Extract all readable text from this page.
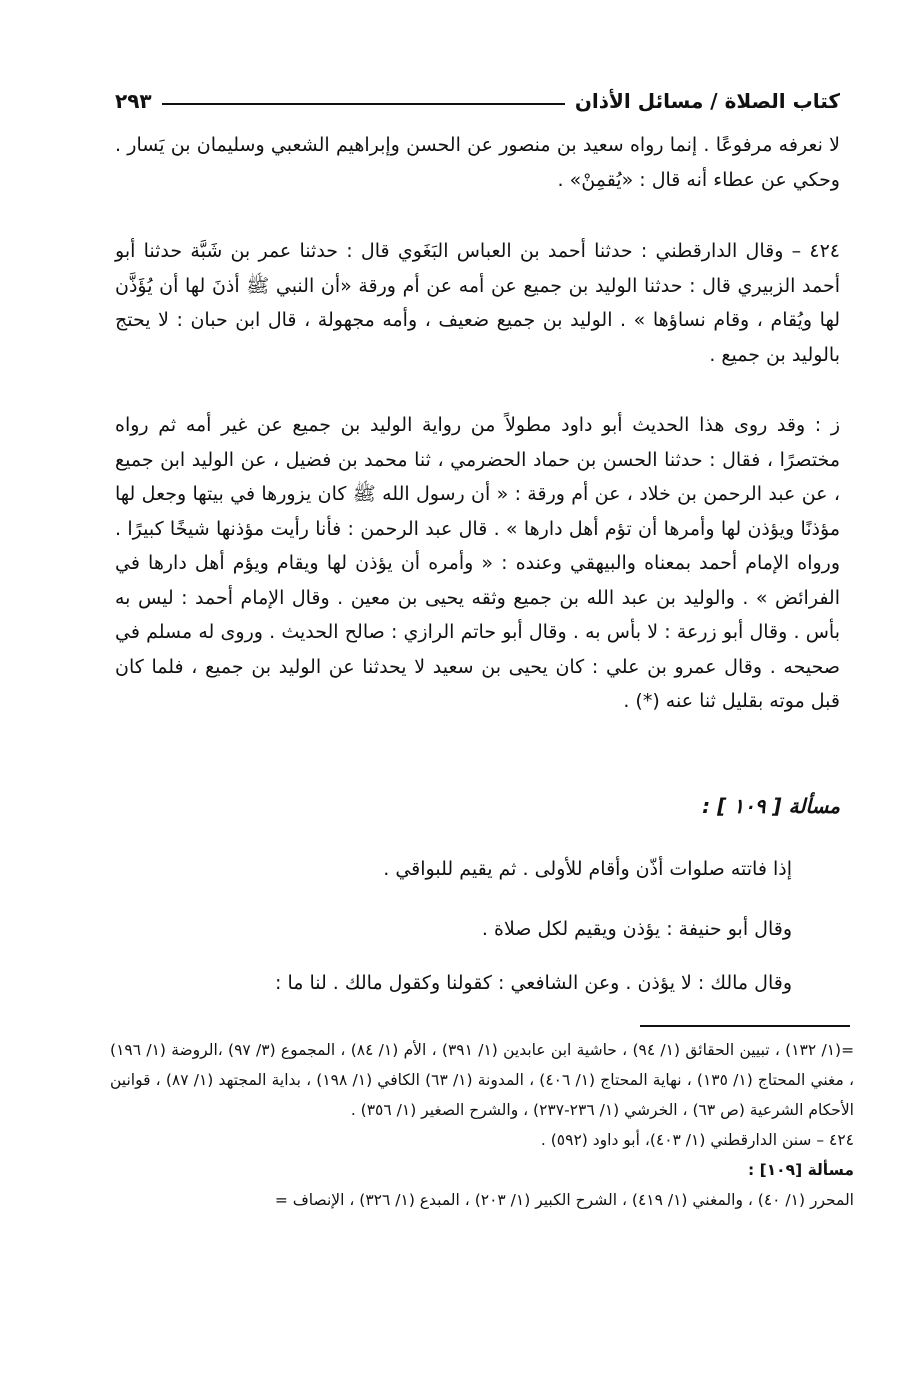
كتاب الصلاة / مسائل الأذان
٢٩٣

لا نعرفه مرفوعًا . إنما رواه سعيد بن منصور عن الحسن وإبراهيم الشعبي وسليمان بن يَسار . وحكي عن عطاء أنه قال : «يُقمِنْ» .

٤٢٤ – وقال الدارقطني : حدثنا أحمد بن العباس البَغَوي قال : حدثنا عمر بن شَبَّة حدثنا أبو أحمد الزبيري قال : حدثنا الوليد بن جميع عن أمه عن أم ورقة «أن النبي ﷺ أذنَ لها أن يُؤَذَّن لها ويُقام ، وقام نساؤها » . الوليد بن جميع ضعيف ، وأمه مجهولة ، قال ابن حبان : لا يحتج بالوليد بن جميع .

ز : وقد روى هذا الحديث أبو داود مطولاً من رواية الوليد بن جميع عن غير أمه ثم رواه مختصرًا ، فقال : حدثنا الحسن بن حماد الحضرمي ، ثنا محمد بن فضيل ، عن الوليد ابن جميع ، عن عبد الرحمن بن خلاد ، عن أم ورقة : « أن رسول الله ﷺ كان يزورها في بيتها وجعل لها مؤذنًا ويؤذن لها وأمرها أن تؤم أهل دارها » . قال عبد الرحمن : فأنا رأيت مؤذنها شيخًا كبيرًا . ورواه الإمام أحمد بمعناه والبيهقي وعنده : « وأمره أن يؤذن لها ويقام ويؤم أهل دارها في الفرائض » . والوليد بن عبد الله بن جميع وثقه يحيى بن معين . وقال الإمام أحمد : ليس به بأس . وقال أبو زرعة : لا بأس به . وقال أبو حاتم الرازي : صالح الحديث . وروى له مسلم في صحيحه . وقال عمرو بن علي : كان يحيى بن سعيد لا يحدثنا عن الوليد بن جميع ، فلما كان قبل موته بقليل ثنا عنه (*) .

مسألة [ ١٠٩ ] :
إذا فاتته صلوات أذّن وأقام للأولى . ثم يقيم للبواقي .
وقال أبو حنيفة : يؤذن ويقيم لكل صلاة .
وقال مالك : لا يؤذن . وعن الشافعي : كقولنا وكقول مالك . لنا ما :

=(١/ ١٣٢) ، تبيين الحقائق (١/ ٩٤) ، حاشية ابن عابدين (١/ ٣٩١) ، الأم (١/ ٨٤) ، المجموع (٣/ ٩٧) ،الروضة (١/ ١٩٦) ، مغني المحتاج (١/ ١٣٥) ، نهاية المحتاج (١/ ٤٠٦) ، المدونة (١/ ٦٣) الكافي (١/ ١٩٨) ، بداية المجتهد (١/ ٨٧) ، قوانين الأحكام الشرعية (ص ٦٣) ، الخرشي (١/ ٢٣٦-٢٣٧) ، والشرح الصغير (١/ ٣٥٦) .

٤٢٤ – سنن الدارقطني (١/ ٤٠٣)، أبو داود (٥٩٢) .

مسألة [١٠٩] :

المحرر (١/ ٤٠) ، والمغني (١/ ٤١٩) ، الشرح الكبير (١/ ٢٠٣) ، المبدع (١/ ٣٢٦) ، الإنصاف =
